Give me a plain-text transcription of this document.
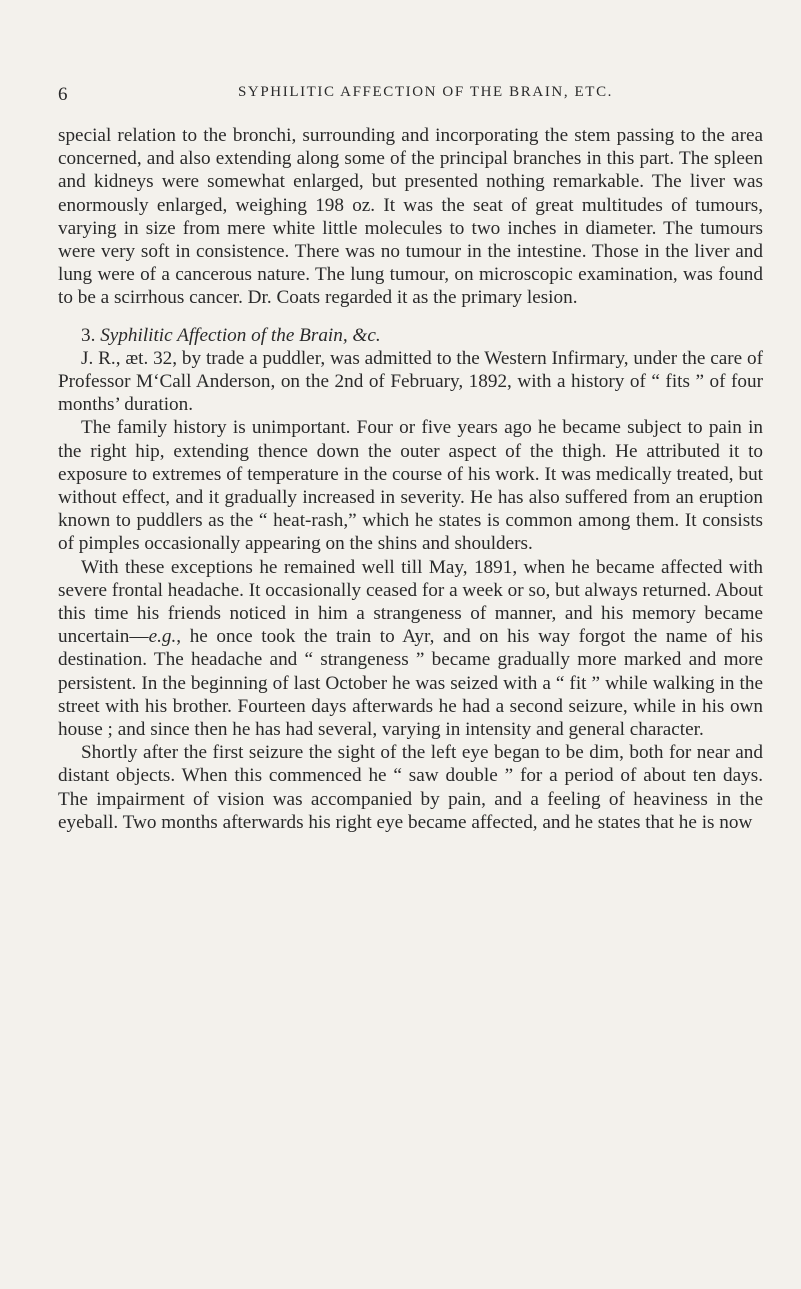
6	SYPHILITIC AFFECTION OF THE BRAIN, ETC.

special relation to the bronchi, surrounding and incorporating the stem passing to the area concerned, and also extending along some of the principal branches in this part. The spleen and kidneys were somewhat enlarged, but presented nothing remarkable. The liver was enormously enlarged, weighing 198 oz. It was the seat of great multitudes of tumours, varying in size from mere white little molecules to two inches in diameter. The tumours were very soft in consistence. There was no tumour in the intestine. Those in the liver and lung were of a cancerous nature. The lung tumour, on microscopic examination, was found to be a scirrhous cancer. Dr. Coats regarded it as the primary lesion.

3. Syphilitic Affection of the Brain, &c.

J. R., æt. 32, by trade a puddler, was admitted to the Western Infirmary, under the care of Professor M‘Call Anderson, on the 2nd of February, 1892, with a history of “ fits ” of four months’ duration.

The family history is unimportant. Four or five years ago he became subject to pain in the right hip, extending thence down the outer aspect of the thigh. He attributed it to exposure to extremes of temperature in the course of his work. It was medically treated, but without effect, and it gradually increased in severity. He has also suffered from an eruption known to puddlers as the “ heat-rash,” which he states is common among them. It consists of pimples occasionally appearing on the shins and shoulders.

With these exceptions he remained well till May, 1891, when he became affected with severe frontal headache. It occasionally ceased for a week or so, but always returned. About this time his friends noticed in him a strangeness of manner, and his memory became uncertain—e.g., he once took the train to Ayr, and on his way forgot the name of his destination. The headache and “ strangeness ” became gradually more marked and more persistent. In the beginning of last October he was seized with a “ fit ” while walking in the street with his brother. Fourteen days afterwards he had a second seizure, while in his own house ; and since then he has had several, varying in intensity and general character.

Shortly after the first seizure the sight of the left eye began to be dim, both for near and distant objects. When this commenced he “ saw double ” for a period of about ten days. The impairment of vision was accompanied by pain, and a feeling of heaviness in the eyeball. Two months afterwards his right eye became affected, and he states that he is now
